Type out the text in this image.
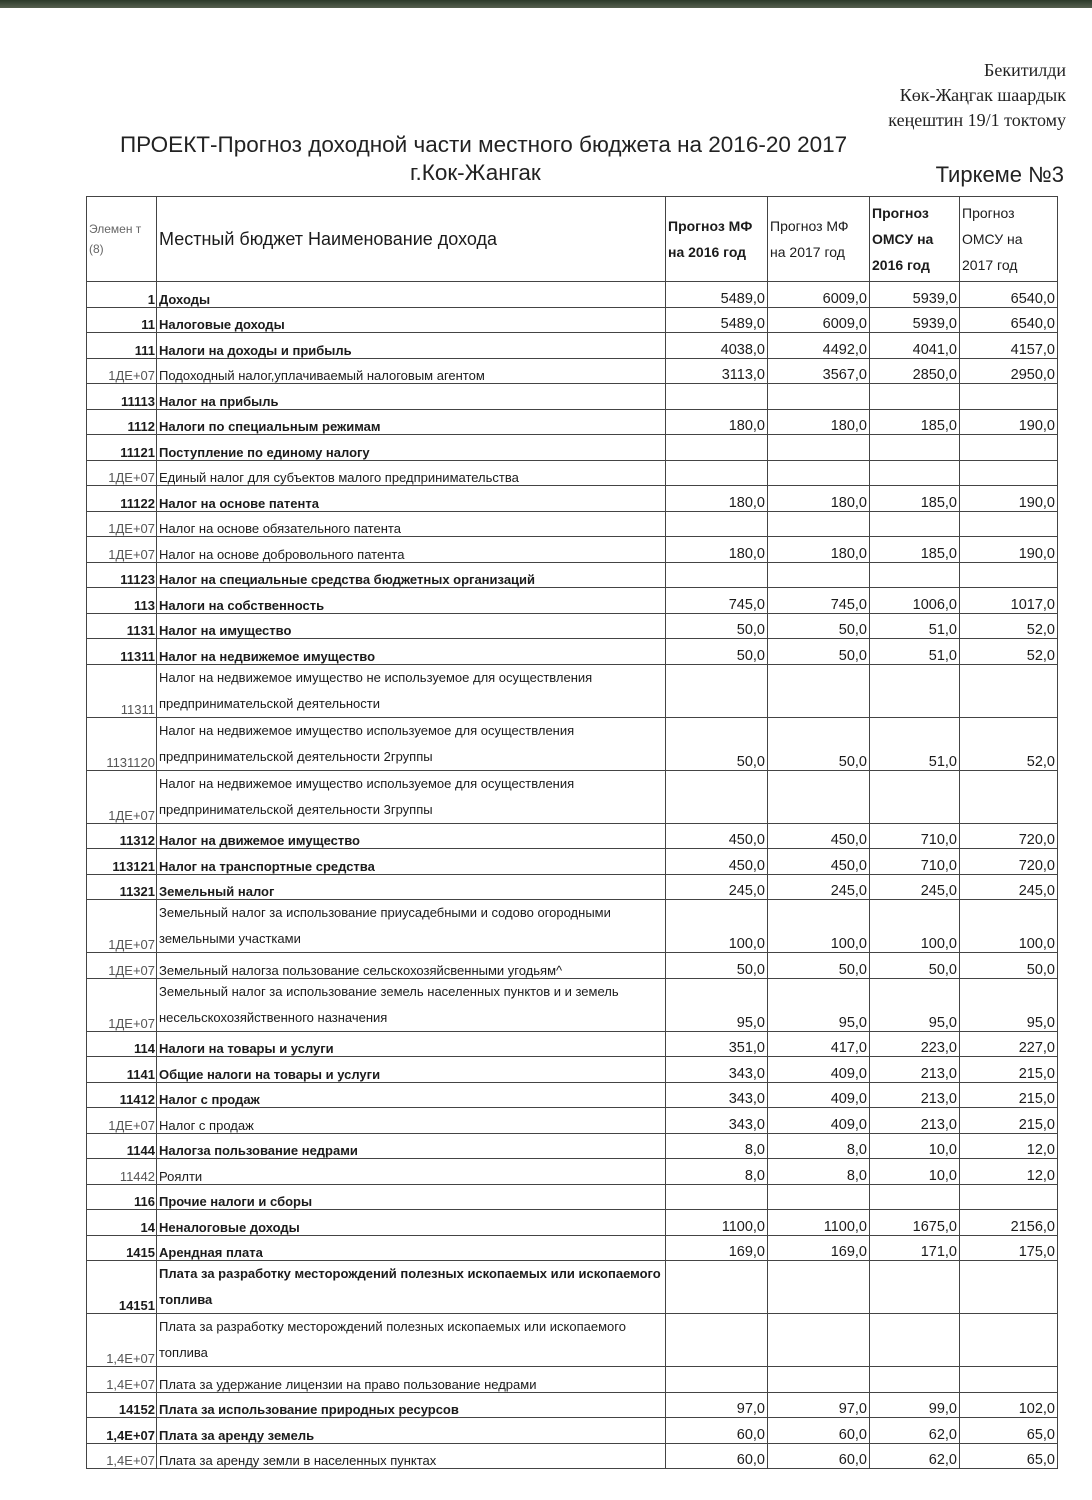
Бекитилди
Көк-Жаңгак шаардык
кеңештин 19/1 токтому
ПРОЕКТ-Прогноз доходной части местного бюджета на 2016-20 2017
г.Кок-Жангак	Тиркеме №3
Элемен т (8)	Местный бюджет Наименование дохода	Прогноз МФ на 2016 год	Прогноз МФ на 2017 год	Прогноз ОМСУ на 2016 год	Прогноз ОМСУ на 2017 год
1	Доходы	5489,0	6009,0	5939,0	6540,0
11	Налоговые доходы	5489,0	6009,0	5939,0	6540,0
111	Налоги на доходы и прибыль	4038,0	4492,0	4041,0	4157,0
1ДЕ+07	Подоходный налог,уплачиваемый налоговым агентом	3113,0	3567,0	2850,0	2950,0
11113	Налог на прибыль				
1112	Налоги по специальным режимам	180,0	180,0	185,0	190,0
11121	Поступление по единому налогу				
1ДЕ+07	Единый налог для субъектов малого предпринимательства				
11122	Налог на основе патента	180,0	180,0	185,0	190,0
1ДЕ+07	Налог на основе обязательного патента				
1ДЕ+07	Налог на основе добровольного патента	180,0	180,0	185,0	190,0
11123	Налог на специальные средства бюджетных организаций				
113	Налоги на собственность	745,0	745,0	1006,0	1017,0
1131	Налог на имущество	50,0	50,0	51,0	52,0
11311	Налог на недвижемое имущество	50,0	50,0	51,0	52,0
11311	Налог на недвижемое имущество не используемое для осуществления предпринимательской деятельности				
1131120	Налог на недвижемое имущество используемое для осуществления предпринимательской деятельности 2группы	50,0	50,0	51,0	52,0
1ДЕ+07	Налог на недвижемое имущество используемое для осуществления предпринимательской деятельности 3группы				
11312	Налог на движемое имущество	450,0	450,0	710,0	720,0
113121	Налог на транспортные средства	450,0	450,0	710,0	720,0
11321	Земельный налог	245,0	245,0	245,0	245,0
1ДЕ+07	Земельный налог за использование приусадебными и содово огородными земельными участками	100,0	100,0	100,0	100,0
1ДЕ+07	Земельный налогза пользование сельскохозяйсвенными угодьям^	50,0	50,0	50,0	50,0
1ДЕ+07	Земельный налог за использование земель населенных пунктов и и земель несельскохозяйственного назначения	95,0	95,0	95,0	95,0
114	Налоги на товары и услуги	351,0	417,0	223,0	227,0
1141	Общие налоги на товары и услуги	343,0	409,0	213,0	215,0
11412	Налог с продаж	343,0	409,0	213,0	215,0
1ДЕ+07	Налог с продаж	343,0	409,0	213,0	215,0
1144	Налогза пользование недрами	8,0	8,0	10,0	12,0
11442	Роялти	8,0	8,0	10,0	12,0
116	Прочие налоги и сборы				
14	Неналоговые доходы	1100,0	1100,0	1675,0	2156,0
1415	Арендная плата	169,0	169,0	171,0	175,0
14151	Плата за разработку месторождений полезных ископаемых или ископаемого топлива				
1,4E+07	Плата за разработку месторождений полезных ископаемых или ископаемого топлива				
1,4E+07	Плата за удержание лицензии на право пользование недрами				
14152	Плата за использование природных ресурсов	97,0	97,0	99,0	102,0
1,4E+07	Плата за аренду земель	60,0	60,0	62,0	65,0
1,4E+07	Плата за аренду земли в населенных пунктах	60,0	60,0	62,0	65,0
